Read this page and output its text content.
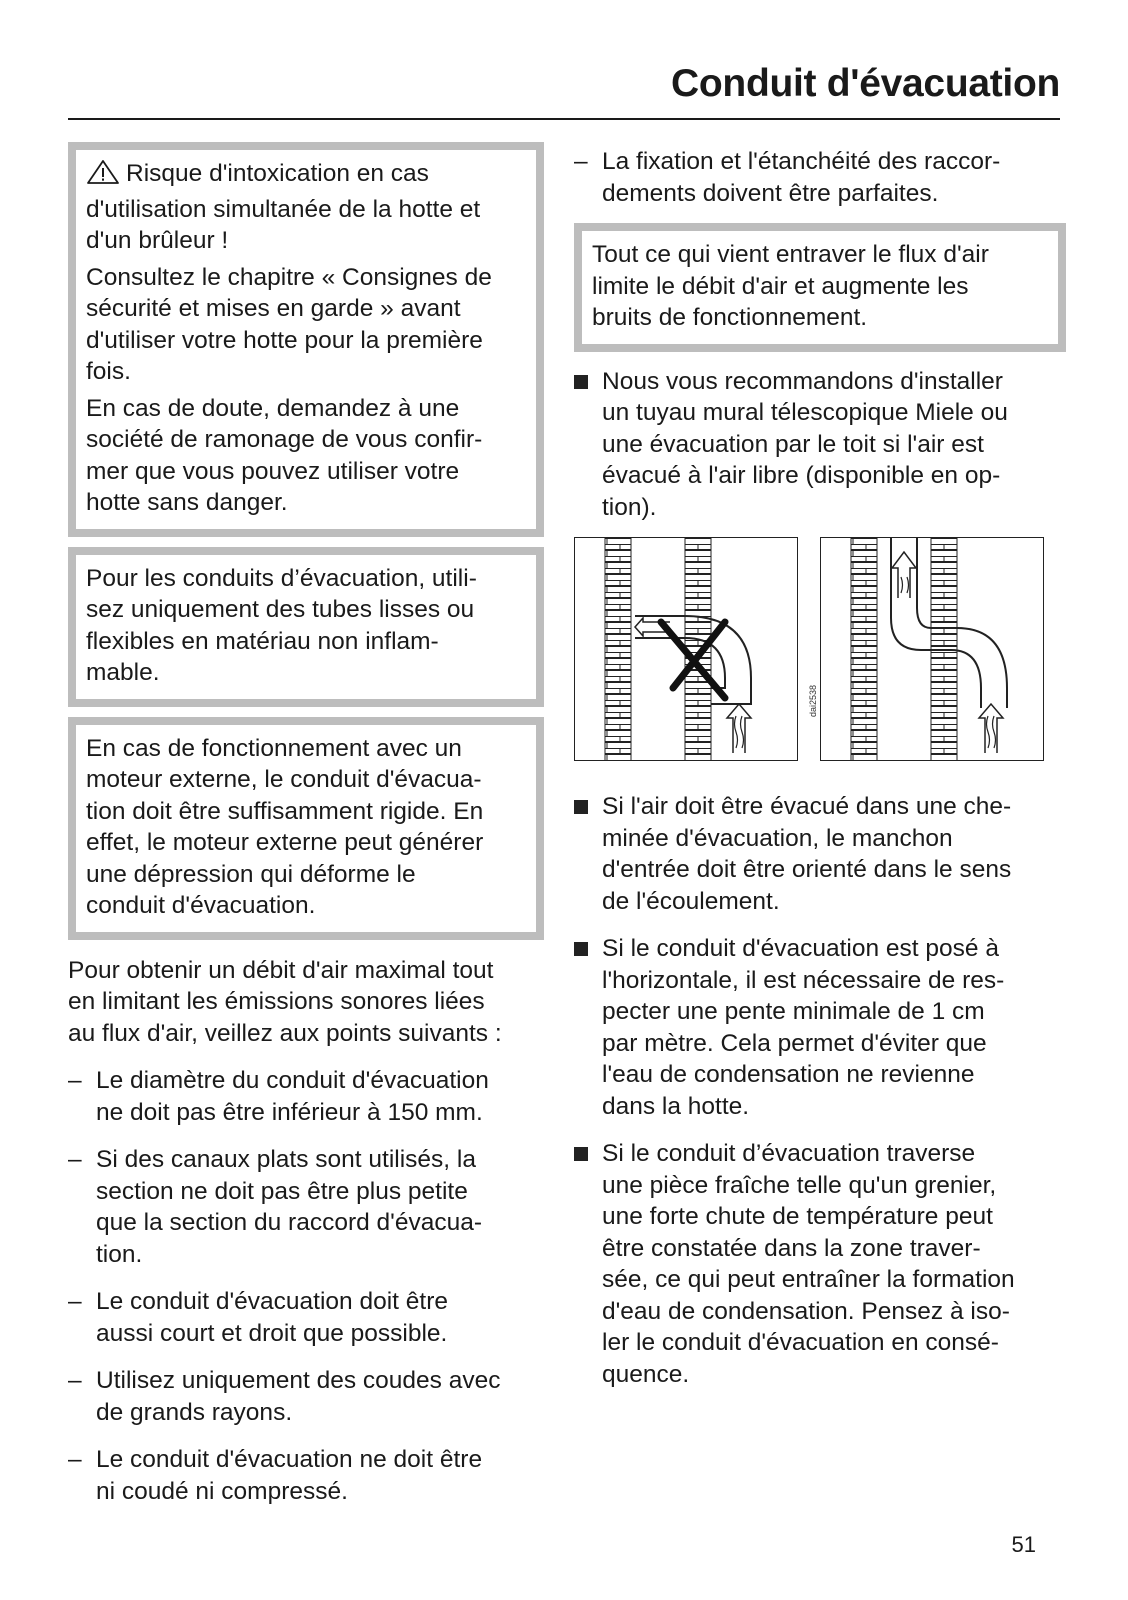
Conduit d'évacuation

Risque d'intoxication en cas
d'utilisation simultanée de la hotte et
d'un brûleur !

Consultez le chapitre « Consignes de
sécurité et mises en garde » avant
d'utiliser votre hotte pour la première
fois.

En cas de doute, demandez à une
société de ramonage de vous confir-
mer que vous pouvez utiliser votre
hotte sans danger.

Pour les conduits d’évacuation, utili-
sez uniquement des tubes lisses ou
flexibles en matériau non inflam-
mable.
En cas de fonctionnement avec un
moteur externe, le conduit d'évacua-
tion doit être suffisamment rigide. En
effet, le moteur externe peut générer
une dépression qui déforme le
conduit d'évacuation.
Pour obtenir un débit d'air maximal tout
en limitant les émissions sonores liées
au flux d'air, veillez aux points suivants :
– Le diamètre du conduit d'évacuation
ne doit pas être inférieur à 150 mm.
– Si des canaux plats sont utilisés, la
section ne doit pas être plus petite
que la section du raccord d'évacua-
tion.
– Le conduit d'évacuation doit être
aussi court et droit que possible.
– Utilisez uniquement des coudes avec
de grands rayons.
– Le conduit d'évacuation ne doit être
ni coudé ni compressé.
– La fixation et l'étanchéité des raccor-
dements doivent être parfaites.
Tout ce qui vient entraver le flux d'air
limite le débit d'air et augmente les
bruits de fonctionnement.
Nous vous recommandons d'installer
un tuyau mural télescopique Miele ou
une évacuation par le toit si l'air est
évacué à l'air libre (disponible en op-
tion).
dai2538
Si l'air doit être évacué dans une che-
minée d'évacuation, le manchon
d'entrée doit être orienté dans le sens
de l'écoulement.
Si le conduit d'évacuation est posé à
l'horizontale, il est nécessaire de res-
pecter une pente minimale de 1 cm
par mètre. Cela permet d'éviter que
l'eau de condensation ne revienne
dans la hotte.
Si le conduit d’évacuation traverse
une pièce fraîche telle qu'un grenier,
une forte chute de température peut
être constatée dans la zone traver-
sée, ce qui peut entraîner la formation
d'eau de condensation. Pensez à iso-
ler le conduit d'évacuation en consé-
quence.
51
